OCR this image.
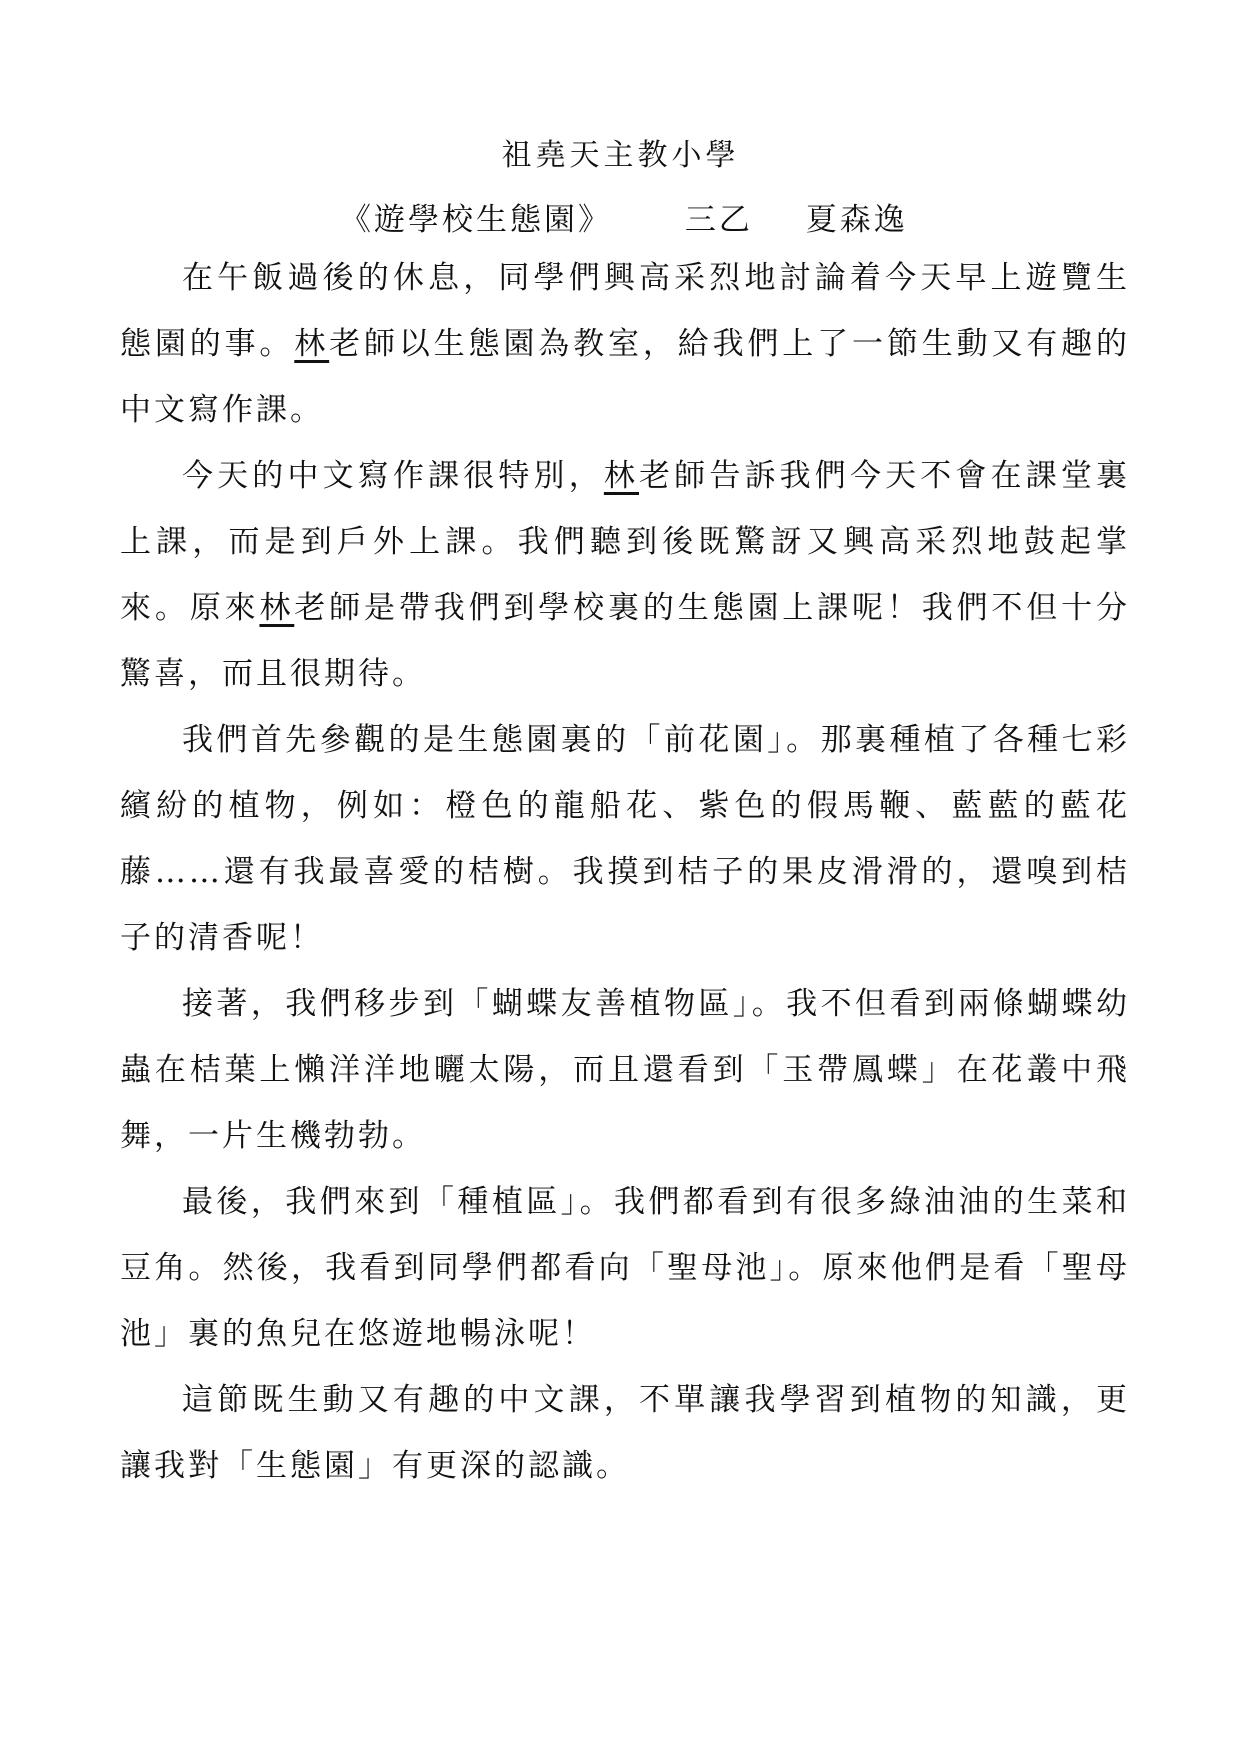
祖堯天主教小學
《遊學校生態園》 三乙 夏森逸

在午飯過後的休息，同學們興高采烈地討論着今天早上遊覽生態園的事。林老師以生態園為教室，給我們上了一節生動又有趣的中文寫作課。

今天的中文寫作課很特別，林老師告訴我們今天不會在課堂裏上課，而是到戶外上課。我們聽到後既驚訝又興高采烈地鼓起掌來。原來林老師是帶我們到學校裏的生態園上課呢！我們不但十分驚喜，而且很期待。

我們首先參觀的是生態園裏的「前花園」。那裏種植了各種七彩繽紛的植物，例如：橙色的龍船花、紫色的假馬鞭、藍藍的藍花藤……還有我最喜愛的桔樹。我摸到桔子的果皮滑滑的，還嗅到桔子的清香呢！

接著，我們移步到「蝴蝶友善植物區」。我不但看到兩條蝴蝶幼蟲在桔葉上懶洋洋地曬太陽，而且還看到「玉帶鳳蝶」在花叢中飛舞，一片生機勃勃。

最後，我們來到「種植區」。我們都看到有很多綠油油的生菜和豆角。然後，我看到同學們都看向「聖母池」。原來他們是看「聖母池」裏的魚兒在悠遊地暢泳呢！

這節既生動又有趣的中文課，不單讓我學習到植物的知識，更讓我對「生態園」有更深的認識。
